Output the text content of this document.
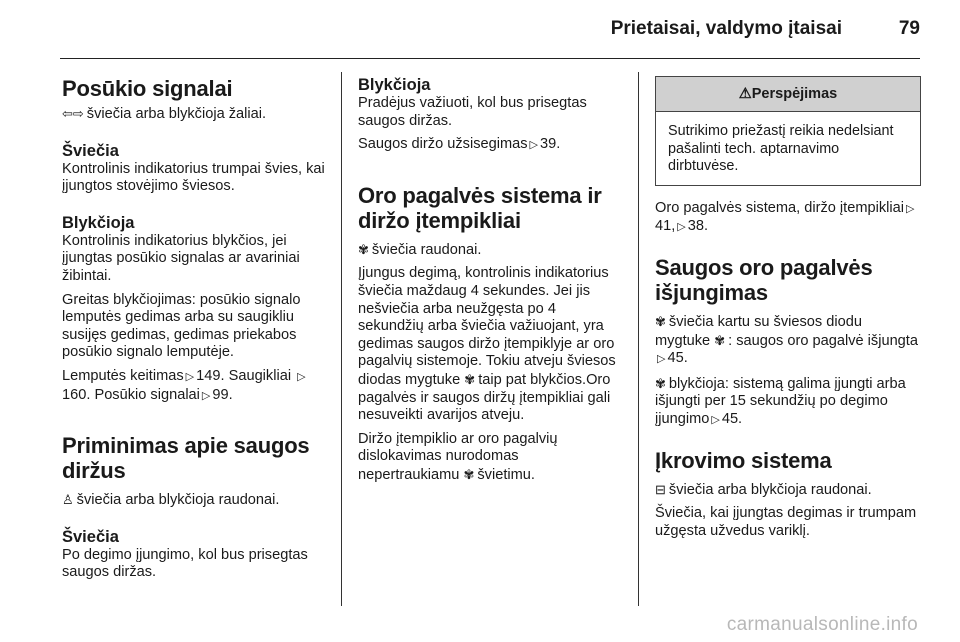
Prietaisai, valdymo įtaisai	79
Posūkio signalai

⇦⇨ šviečia arba blykčioja žaliai.

Šviečia

Kontrolinis indikatorius trumpai švies, kai įjungtos stovėjimo šviesos.

Blykčioja

Kontrolinis indikatorius blykčios, jei įjungtas posūkio signalas ar avariniai žibintai.

Greitas blykčiojimas: posūkio signalo lemputės gedimas arba su saugikliu susijęs gedimas, gedimas priekabos posūkio signalo lemputėje.

Lemputės keitimas ▷ 149. Saugikliai ▷160. Posūkio signalai ▷ 99.

Priminimas apie saugos diržus

♙ šviečia arba blykčioja raudonai.

Šviečia

Po degimo įjungimo, kol bus prisegtas saugos diržas.

Blykčioja

Pradėjus važiuoti, kol bus prisegtas saugos diržas.

Saugos diržo užsisegimas ▷ 39.

Oro pagalvės sistema ir diržo įtempikliai

✾ šviečia raudonai.

Įjungus degimą, kontrolinis indikatorius šviečia maždaug 4 sekundes. Jei jis nešviečia arba neužgęsta po 4 sekundžių arba šviečia važiuojant, yra gedimas saugos diržo įtempiklyje ar oro pagalvių sistemoje. Tokiu atveju šviesos diodas mygtuke ✾ taip pat blykčios.Oro pagalvės ir saugos diržų įtempikliai gali nesuveikti avarijos atveju.

Diržo įtempiklio ar oro pagalvių dislokavimas nurodomas nepertraukiamu ✾ švietimu.

⚠Perspėjimas
Sutrikimo priežastį reikia nedelsiant pašalinti tech. aptarnavimo dirbtuvėse.

Oro pagalvės sistema, diržo įtempikliai ▷41, ▷ 38.

Saugos oro pagalvės išjungimas

✾ šviečia kartu su šviesos diodu mygtuke ✾ : saugos oro pagalvė išjungta▷ 45.

✾ blykčioja: sistemą galima įjungti arba išjungti per 15 sekundžių po degimo įjungimo ▷ 45.

Įkrovimo sistema

⊟ šviečia arba blykčioja raudonai.

Šviečia, kai įjungtas degimas ir trumpam užgęsta užvedus variklį.

carmanualsonline.info
